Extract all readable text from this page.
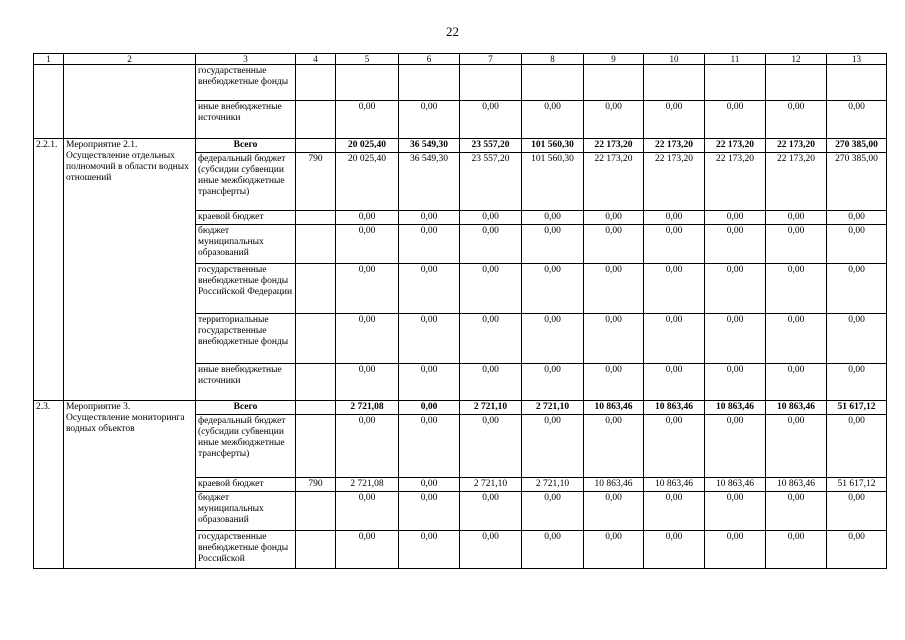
22
1	2	3	4	5	6	7	8	9	10	11	12	13
		государственные внебюджетные фонды										
		иные внебюджетные источники		0,00	0,00	0,00	0,00	0,00	0,00	0,00	0,00	0,00
2.2.1.	Мероприятие 2.1. Осуществление отдельных полномочий в области водных отношений	Всего		20 025,40	36 549,30	23 557,20	101 560,30	22 173,20	22 173,20	22 173,20	22 173,20	270 385,00
		федеральный бюджет (субсидии субвенции иные межбюджетные трансферты)	790	20 025,40	36 549,30	23 557,20	101 560,30	22 173,20	22 173,20	22 173,20	22 173,20	270 385,00
		краевой бюджет		0,00	0,00	0,00	0,00	0,00	0,00	0,00	0,00	0,00
		бюджет муниципальных образований		0,00	0,00	0,00	0,00	0,00	0,00	0,00	0,00	0,00
		государственные внебюджетные фонды Российской Федерации		0,00	0,00	0,00	0,00	0,00	0,00	0,00	0,00	0,00
		территориальные государственные внебюджетные фонды		0,00	0,00	0,00	0,00	0,00	0,00	0,00	0,00	0,00
		иные внебюджетные источники		0,00	0,00	0,00	0,00	0,00	0,00	0,00	0,00	0,00
2.3.	Мероприятие 3. Осуществление мониторинга водных объектов	Всего		2 721,08	0,00	2 721,10	2 721,10	10 863,46	10 863,46	10 863,46	10 863,46	51 617,12
		федеральный бюджет (субсидии субвенции иные межбюджетные трансферты)		0,00	0,00	0,00	0,00	0,00	0,00	0,00	0,00	0,00
		краевой бюджет	790	2 721,08	0,00	2 721,10	2 721,10	10 863,46	10 863,46	10 863,46	10 863,46	51 617,12
		бюджет муниципальных образований		0,00	0,00	0,00	0,00	0,00	0,00	0,00	0,00	0,00
		государственные внебюджетные фонды Российской		0,00	0,00	0,00	0,00	0,00	0,00	0,00	0,00	0,00
